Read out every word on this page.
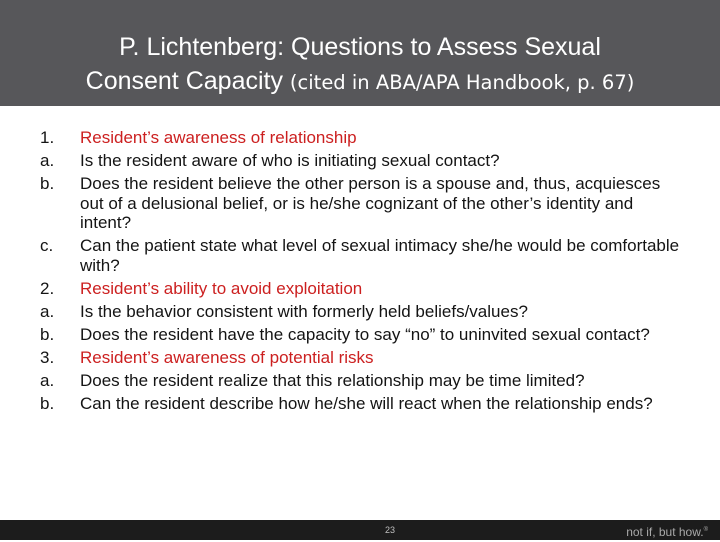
P. Lichtenberg: Questions to Assess Sexual
Consent Capacity (cited in ABA/APA Handbook, p. 67)
1.	Resident’s awareness of relationship
a.	Is the resident aware of who is initiating sexual contact?
b.	Does the resident believe the other person is a spouse and, thus, acquiesces out of a delusional belief, or is he/she cognizant of the other’s identity and intent?
c.	Can the patient state what level of sexual intimacy she/he would be comfortable with?
2.	Resident’s ability to avoid exploitation
a.	Is the behavior consistent with formerly held beliefs/values?
b.	Does the resident have the capacity to say “no” to uninvited sexual contact?
3.	Resident’s awareness of potential risks
a.	Does the resident realize that this relationship may be time limited?
b.	Can the resident describe how he/she will react when the relationship ends?
23	not if, but how.®
